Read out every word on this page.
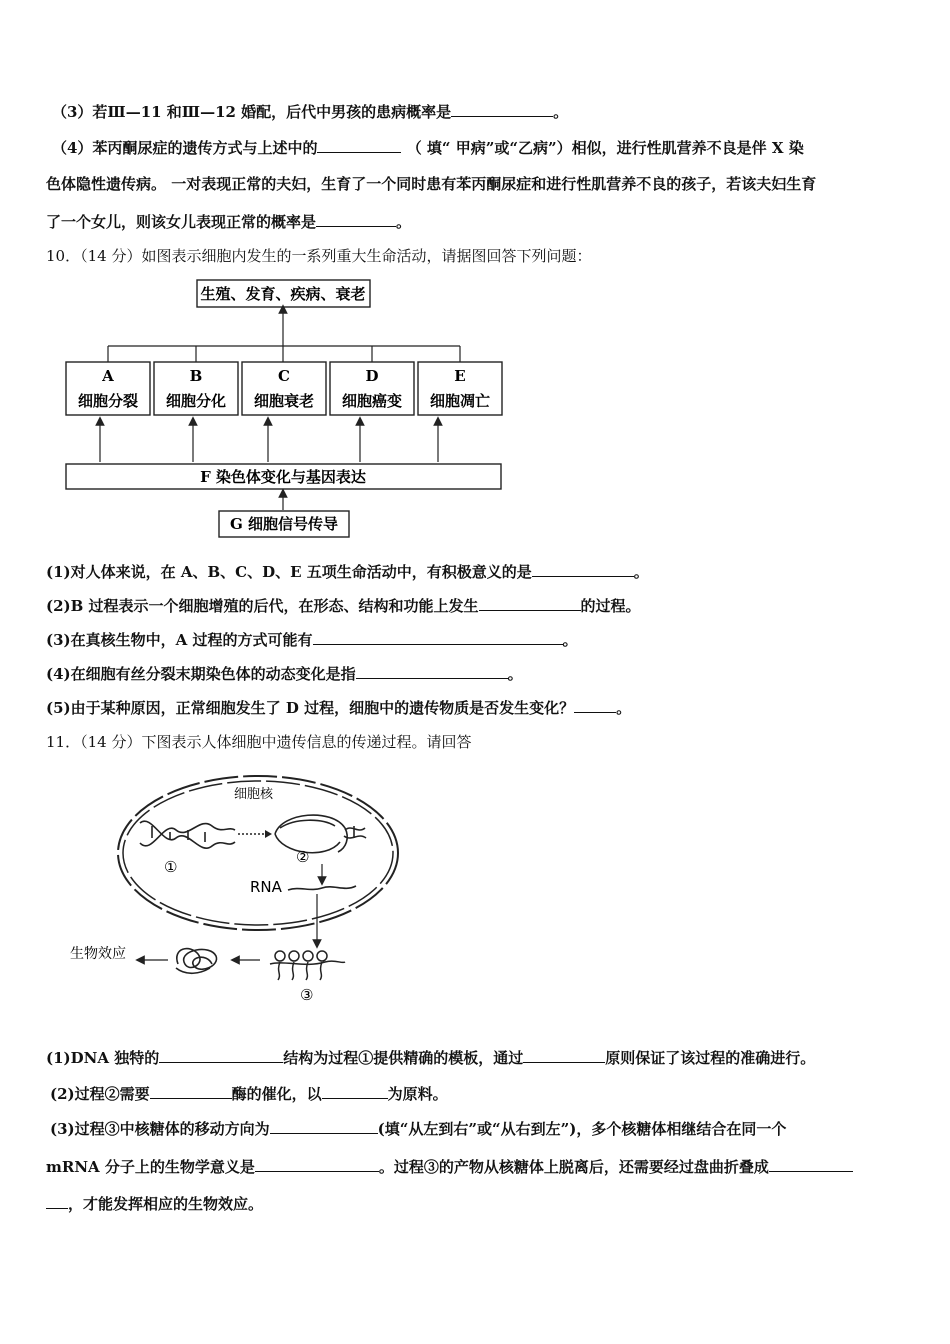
（3）若Ⅲ—11 和Ⅲ—12 婚配，后代中男孩的患病概率是	。
（4）苯丙酮尿症的遗传方式与上述中的	（ 填“ 甲病”或“乙病”）相似，进行性肌营养不良是伴 X 染
色体隐性遗传病。 一对表现正常的夫妇，生育了一个同时患有苯丙酮尿症和进行性肌营养不良的孩子，若该夫妇生育
了一个女儿，则该女儿表现正常的概率是	。
10．（14 分）如图表示细胞内发生的一系列重大生命活动，请据图回答下列问题：
生殖、发育、疾病、衰老
A
细胞分裂
B
细胞分化
C
细胞衰老
D
细胞癌变
E
细胞凋亡
F 染色体变化与基因表达
G 细胞信号传导
(1)对人体来说，在 A、B、C、D、E 五项生命活动中，有积极意义的是	。
(2)B 过程表示一个细胞增殖的后代，在形态、结构和功能上发生	的过程。
(3)在真核生物中，A 过程的方式可能有	。
(4)在细胞有丝分裂末期染色体的动态变化是指	。
(5)由于某种原因，正常细胞发生了 D 过程，细胞中的遗传物质是否发生变化？	。
11．（14 分）下图表示人体细胞中遗传信息的传递过程。请回答
细胞核
①
②
RNA
③
生物效应
(1)DNA 独特的	结构为过程①提供精确的模板，通过	原则保证了该过程的准确进行。
(2)过程②需要	酶的催化，以	为原料。
(3)过程③中核糖体的移动方向为	(填“从左到右”或“从右到左”)，多个核糖体相继结合在同一个
mRNA 分子上的生物学意义是	。过程③的产物从核糖体上脱离后，还需要经过盘曲折叠成
，才能发挥相应的生物效应。
